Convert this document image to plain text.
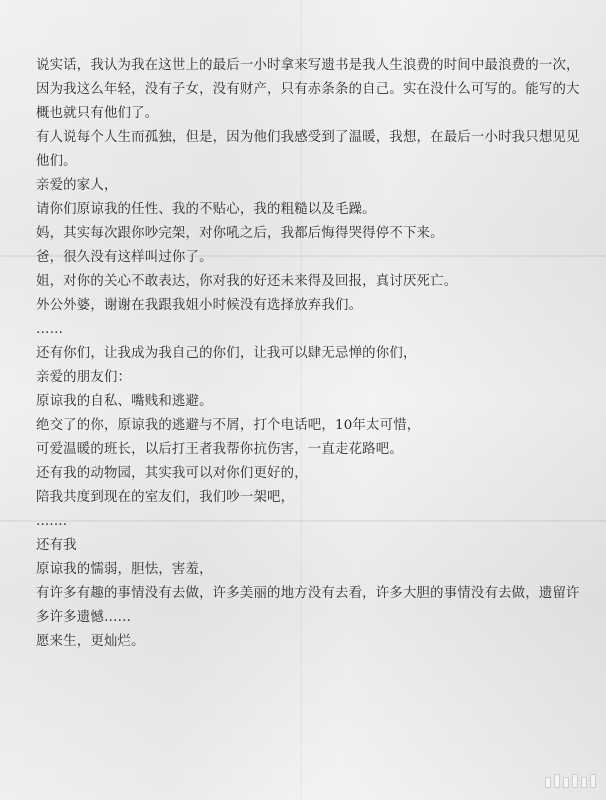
说实话，我认为我在这世上的最后一小时拿来写遗书是我人生浪费的时间中最浪费的一次，
因为我这么年轻，没有子女，没有财产，只有赤条条的自己。实在没什么可写的。能写的大
概也就只有他们了。
有人说每个人生而孤独，但是，因为他们我感受到了温暖，我想，在最后一小时我只想见见
他们。
亲爱的家人，
请你们原谅我的任性、我的不贴心，我的粗糙以及毛躁。
妈，其实每次跟你吵完架，对你吼之后，我都后悔得哭得停不下来。
爸，很久没有这样叫过你了。
姐，对你的关心不敢表达，你对我的好还未来得及回报，真讨厌死亡。
外公外婆，谢谢在我跟我姐小时候没有选择放弃我们。
……
还有你们，让我成为我自己的你们，让我可以肆无忌惮的你们，
亲爱的朋友们：
原谅我的自私、嘴贱和逃避。
绝交了的你，原谅我的逃避与不屑，打个电话吧，10年太可惜，
可爱温暖的班长，以后打王者我帮你抗伤害，一直走花路吧。
还有我的动物园，其实我可以对你们更好的，
陪我共度到现在的室友们，我们吵一架吧，
.......
还有我
原谅我的懦弱，胆怯，害羞，
有许多有趣的事情没有去做，许多美丽的地方没有去看，许多大胆的事情没有去做，遗留许
多许多遗憾……
愿来生，更灿烂。
